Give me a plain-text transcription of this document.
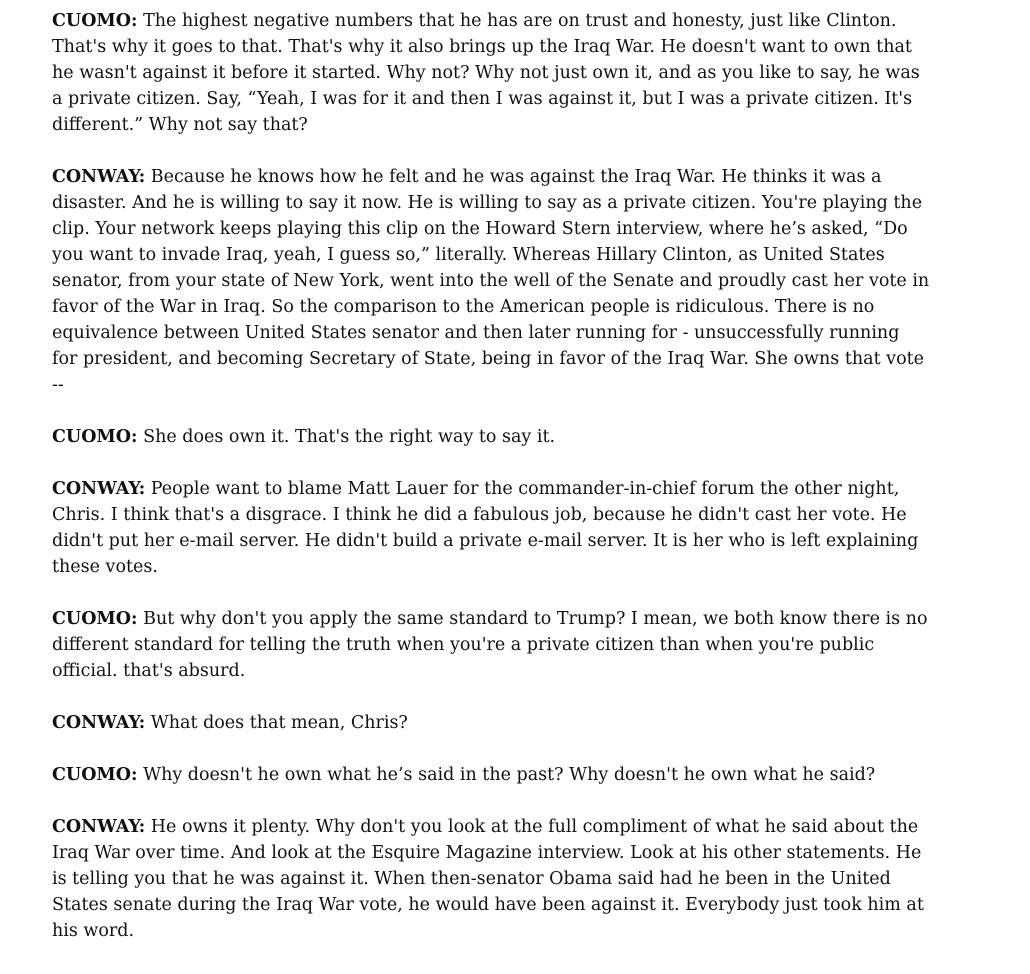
CUOMO: The highest negative numbers that he has are on trust and honesty, just like Clinton. That's why it goes to that. That's why it also brings up the Iraq War. He doesn't want to own that he wasn't against it before it started. Why not? Why not just own it, and as you like to say, he was a private citizen. Say, “Yeah, I was for it and then I was against it, but I was a private citizen. It's different.” Why not say that?

CONWAY: Because he knows how he felt and he was against the Iraq War. He thinks it was a disaster. And he is willing to say it now. He is willing to say as a private citizen. You're playing the clip. Your network keeps playing this clip on the Howard Stern interview, where he’s asked, “Do you want to invade Iraq, yeah, I guess so,” literally. Whereas Hillary Clinton, as United States senator, from your state of New York, went into the well of the Senate and proudly cast her vote in favor of the War in Iraq. So the comparison to the American people is ridiculous. There is no equivalence between United States senator and then later running for - unsuccessfully running for president, and becoming Secretary of State, being in favor of the Iraq War. She owns that vote --

CUOMO: She does own it. That's the right way to say it.

CONWAY: People want to blame Matt Lauer for the commander-in-chief forum the other night, Chris. I think that's a disgrace. I think he did a fabulous job, because he didn't cast her vote. He didn't put her e-mail server. He didn't build a private e-mail server. It is her who is left explaining these votes.

CUOMO: But why don't you apply the same standard to Trump? I mean, we both know there is no different standard for telling the truth when you're a private citizen than when you're public official. that's absurd.

CONWAY: What does that mean, Chris?

CUOMO: Why doesn't he own what he’s said in the past? Why doesn't he own what he said?

CONWAY: He owns it plenty. Why don't you look at the full compliment of what he said about the Iraq War over time. And look at the Esquire Magazine interview. Look at his other statements. He is telling you that he was against it. When then-senator Obama said had he been in the United States senate during the Iraq War vote, he would have been against it. Everybody just took him at his word.
